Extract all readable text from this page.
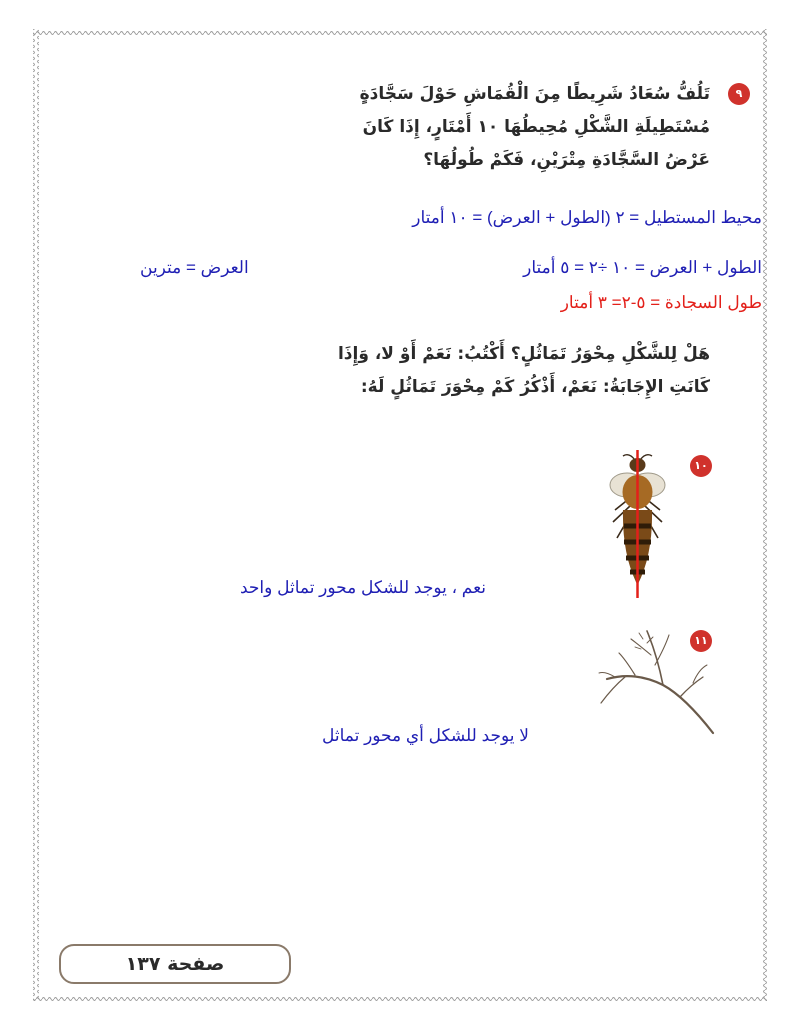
٩
تَلُفُّ سُعَادُ شَرِيطًا مِنَ الْقُمَاشِ حَوْلَ سَجَّادَةٍ
مُسْتَطِيلَةِ الشَّكْلِ مُحِيطُهَا ١٠ أَمْتَارٍ، إِذَا كَانَ
عَرْضُ السَّجَّادَةِ مِتْرَيْنِ، فَكَمْ طُولُهَا؟
محيط المستطيل = ٢ (الطول + العرض) = ١٠ أمتار
الطول + العرض = ١٠ ÷٢ = ٥ أمتار
العرض = مترين
طول السجادة = ٥-٢= ٣ أمتار
هَلْ لِلشَّكْلِ مِحْوَرُ تَمَاثُلٍ؟ أَكْتُبُ: نَعَمْ أَوْ لا، وَإِذَا
كَانَتِ الإِجَابَةُ: نَعَمْ، أَذْكُرُ كَمْ مِحْوَرَ تَمَاثُلٍ لَهُ:
١٠
نعم ، يوجد للشكل محور تماثل واحد
١١
لا يوجد للشكل أي محور تماثل
صفحة ١٣٧
